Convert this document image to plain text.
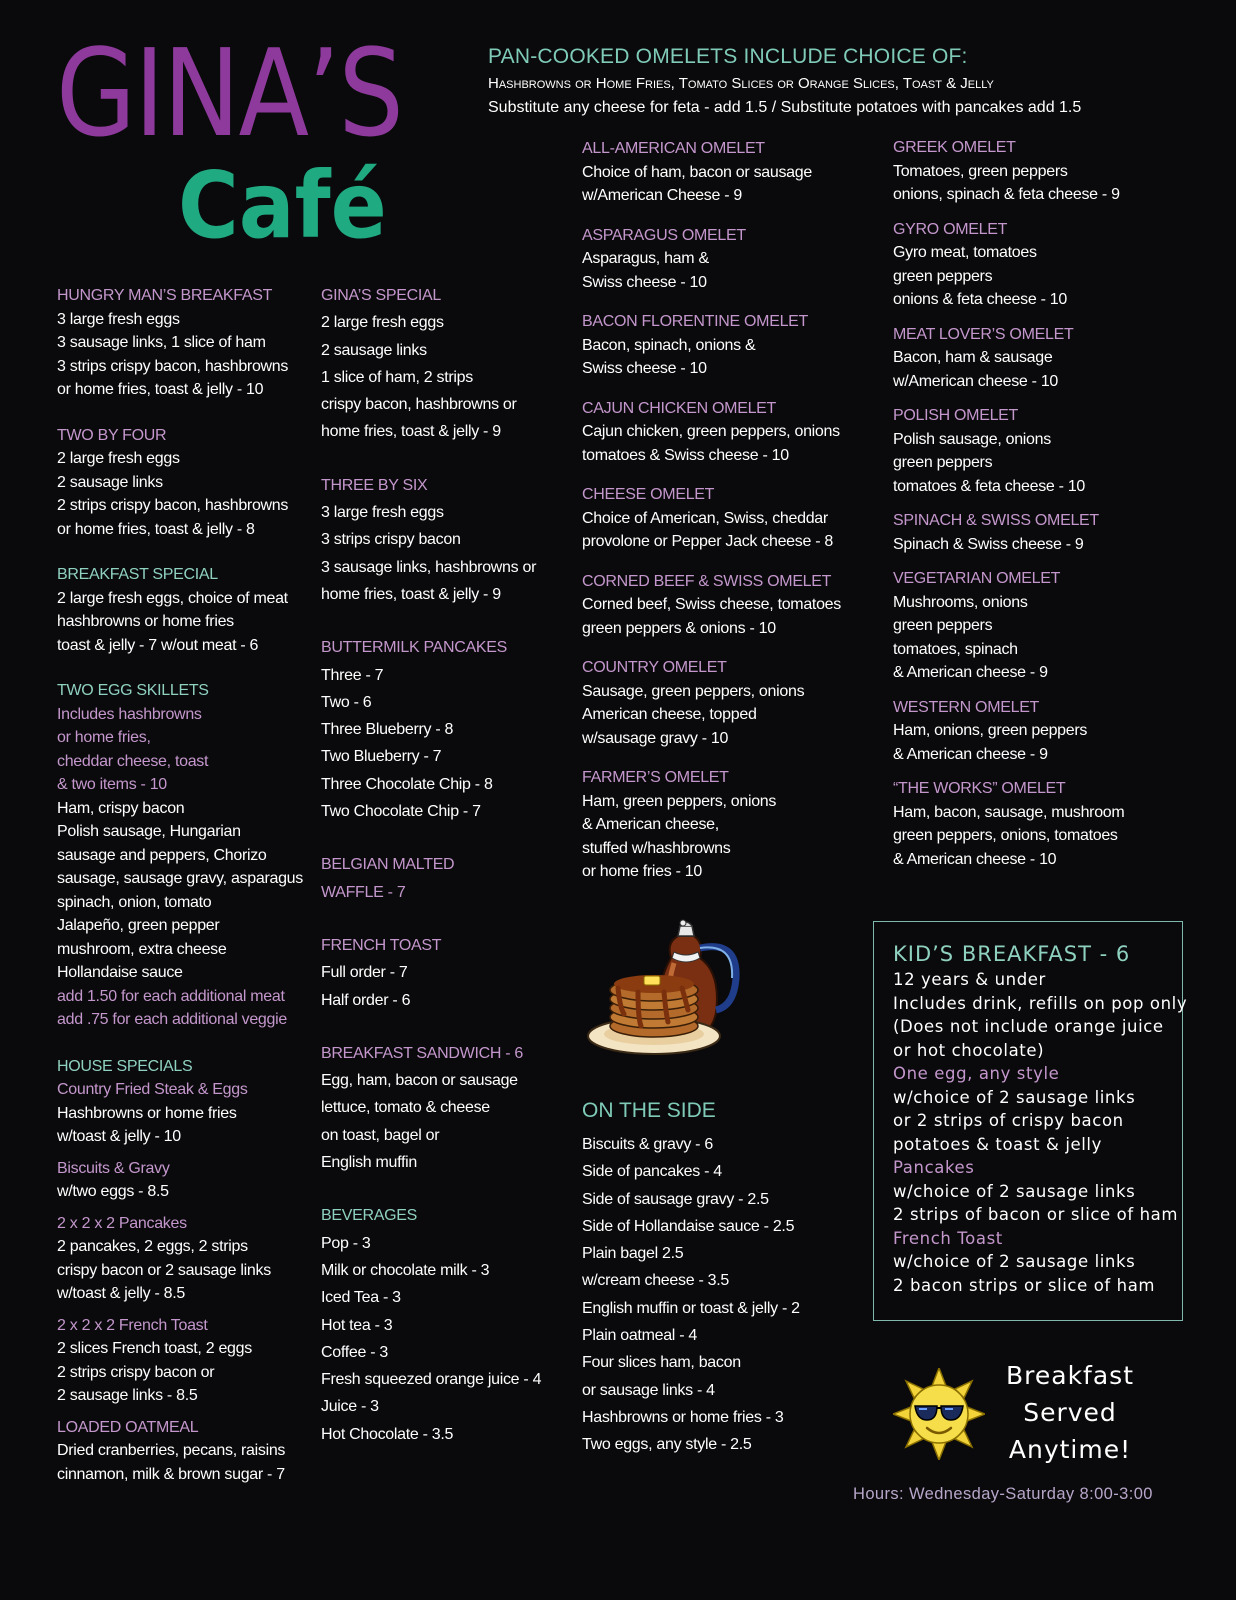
GINA’S
Café
PAN-COOKED OMELETS INCLUDE CHOICE OF:
Hashbrowns or Home Fries, Tomato Slices or Orange Slices, Toast & Jelly
Substitute any cheese for feta - add 1.5 / Substitute potatoes with pancakes add 1.5
HUNGRY MAN’S BREAKFAST
3 large fresh eggs
3 sausage links, 1 slice of ham
3 strips crispy bacon, hashbrowns
or home fries, toast & jelly - 10
TWO BY FOUR
2 large fresh eggs
2 sausage links
2 strips crispy bacon, hashbrowns
or home fries, toast & jelly - 8
BREAKFAST SPECIAL
2 large fresh eggs, choice of meat
hashbrowns or home fries
toast & jelly - 7 w/out meat - 6
TWO EGG SKILLETS
Includes hashbrowns
or home fries,
cheddar cheese, toast
& two items - 10
Ham, crispy bacon
Polish sausage, Hungarian
sausage and peppers, Chorizo
sausage, sausage gravy, asparagus
spinach, onion, tomato
Jalapeño, green pepper
mushroom, extra cheese
Hollandaise sauce
add 1.50 for each additional meat
add .75 for each additional veggie
HOUSE SPECIALS
Country Fried Steak & Eggs
Hashbrowns or home fries
w/toast & jelly - 10
Biscuits & Gravy
w/two eggs - 8.5
2 x 2 x 2 Pancakes
2 pancakes, 2 eggs, 2 strips
crispy bacon or 2 sausage links
w/toast & jelly - 8.5
2 x 2 x 2 French Toast
2 slices French toast, 2 eggs
2 strips crispy bacon or
2 sausage links - 8.5
LOADED OATMEAL
Dried cranberries, pecans, raisins
cinnamon, milk & brown sugar - 7
GINA’S SPECIAL
2 large fresh eggs
2 sausage links
1 slice of ham, 2 strips
crispy bacon, hashbrowns or
home fries, toast & jelly - 9
THREE BY SIX
3 large fresh eggs
3 strips crispy bacon
3 sausage links, hashbrowns or
home fries, toast & jelly - 9
BUTTERMILK PANCAKES
Three - 7
Two - 6
Three Blueberry - 8
Two Blueberry - 7
Three Chocolate Chip - 8
Two Chocolate Chip - 7
BELGIAN MALTED
WAFFLE - 7
FRENCH TOAST
Full order - 7
Half order - 6
BREAKFAST SANDWICH - 6
Egg, ham, bacon or sausage
lettuce, tomato & cheese
on toast, bagel or
English muffin
BEVERAGES
Pop - 3
Milk or chocolate milk - 3
Iced Tea - 3
Hot tea - 3
Coffee - 3
Fresh squeezed orange juice - 4
Juice - 3
Hot Chocolate - 3.5
ALL-AMERICAN OMELET
Choice of ham, bacon or sausage
w/American Cheese - 9
ASPARAGUS OMELET
Asparagus, ham &
Swiss cheese - 10
BACON FLORENTINE OMELET
Bacon, spinach, onions &
Swiss cheese - 10
CAJUN CHICKEN OMELET
Cajun chicken, green peppers, onions
tomatoes & Swiss cheese - 10
CHEESE OMELET
Choice of American, Swiss, cheddar
provolone or Pepper Jack cheese - 8
CORNED BEEF & SWISS OMELET
Corned beef, Swiss cheese, tomatoes
green peppers & onions - 10
COUNTRY OMELET
Sausage, green peppers, onions
American cheese, topped
w/sausage gravy - 10
FARMER’S OMELET
Ham, green peppers, onions
& American cheese,
stuffed w/hashbrowns
or home fries - 10
ON THE SIDE
Biscuits & gravy - 6
Side of pancakes - 4
Side of sausage gravy - 2.5
Side of Hollandaise sauce - 2.5
Plain bagel 2.5
w/cream cheese - 3.5
English muffin or toast & jelly - 2
Plain oatmeal - 4
Four slices ham, bacon
or sausage links - 4
Hashbrowns or home fries - 3
Two eggs, any style - 2.5
GREEK OMELET
Tomatoes, green peppers
onions, spinach & feta cheese - 9
GYRO OMELET
Gyro meat, tomatoes
green peppers
onions & feta cheese - 10
MEAT LOVER’S OMELET
Bacon, ham & sausage
w/American cheese - 10
POLISH OMELET
Polish sausage, onions
green peppers
tomatoes & feta cheese - 10
SPINACH & SWISS OMELET
Spinach & Swiss cheese - 9
VEGETARIAN OMELET
Mushrooms, onions
green peppers
tomatoes, spinach
& American cheese - 9
WESTERN OMELET
Ham, onions, green peppers
& American cheese - 9
“THE WORKS” OMELET
Ham, bacon, sausage, mushroom
green peppers, onions, tomatoes
& American cheese - 10
KID’S BREAKFAST - 6
12 years & under
Includes drink, refills on pop only
(Does not include orange juice
or hot chocolate)
One egg, any style
w/choice of 2 sausage links
or 2 strips of crispy bacon
potatoes & toast & jelly
Pancakes
w/choice of 2 sausage links
2 strips of bacon or slice of ham
French Toast
w/choice of 2 sausage links
2 bacon strips or slice of ham
Breakfast
Served
Anytime!
Hours: Wednesday-Saturday 8:00-3:00
